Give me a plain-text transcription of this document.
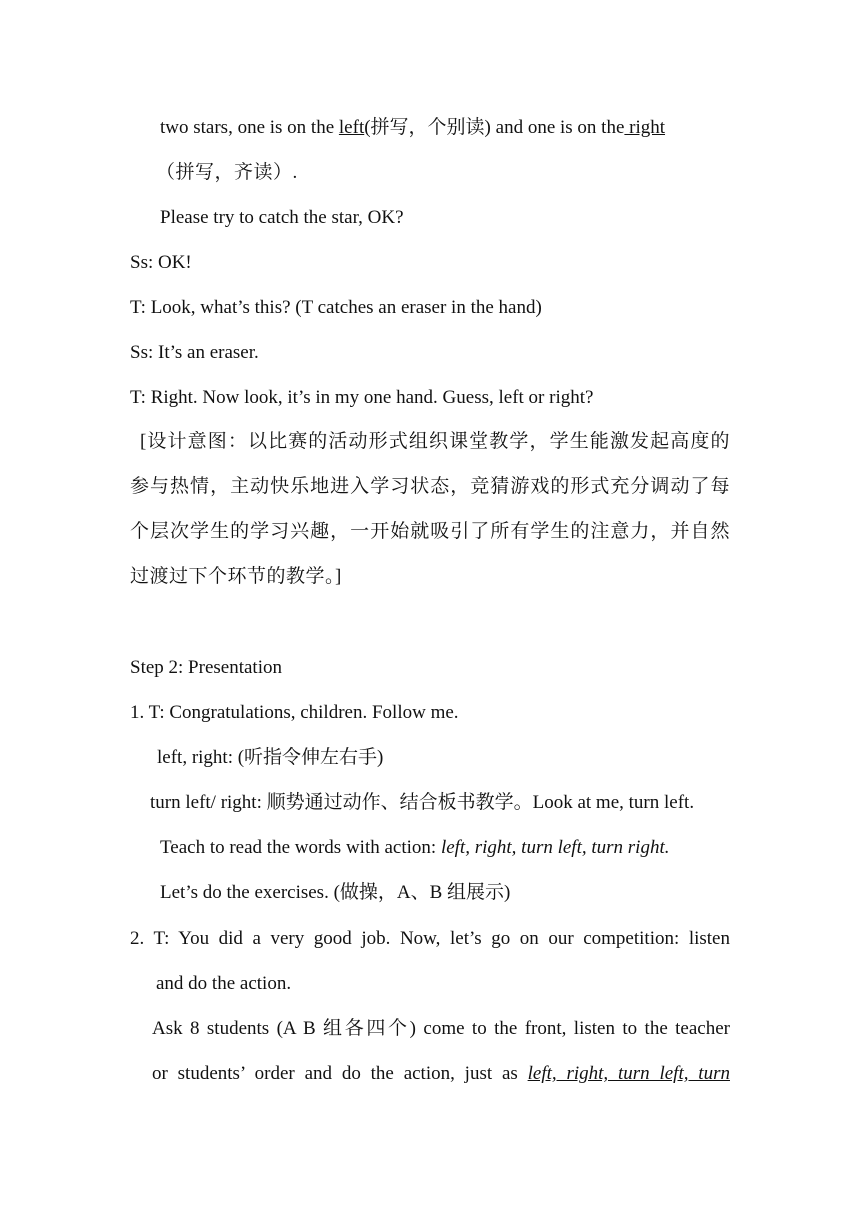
two stars, one is on the left(拼写，个别读) and one is on the right
（拼写，齐读）.
Please try to catch the star, OK?
Ss: OK!
T: Look, what’s this? (T catches an eraser in the hand)
Ss: It’s an eraser.
T: Right. Now look, it’s in my one hand. Guess, left or right?
[设计意图：以比赛的活动形式组织课堂教学，学生能激发起高度的
参与热情，主动快乐地进入学习状态，竞猜游戏的形式充分调动了每
个层次学生的学习兴趣，一开始就吸引了所有学生的注意力，并自然
过渡过下个环节的教学。]
Step 2: Presentation
1. T: Congratulations, children. Follow me.
left, right: (听指令伸左右手)
turn left/ right: 顺势通过动作、结合板书教学。Look at me, turn left.
Teach to read the words with action: left, right, turn left, turn right.
Let’s do the exercises. (做操，A、B 组展示)
2. T: You did a very good job. Now, let’s go on our competition: listen
and do the action.
Ask 8 students (A B 组各四个) come to the front, listen to the teacher
or students’ order and do the action, just as left, right, turn left, turn
